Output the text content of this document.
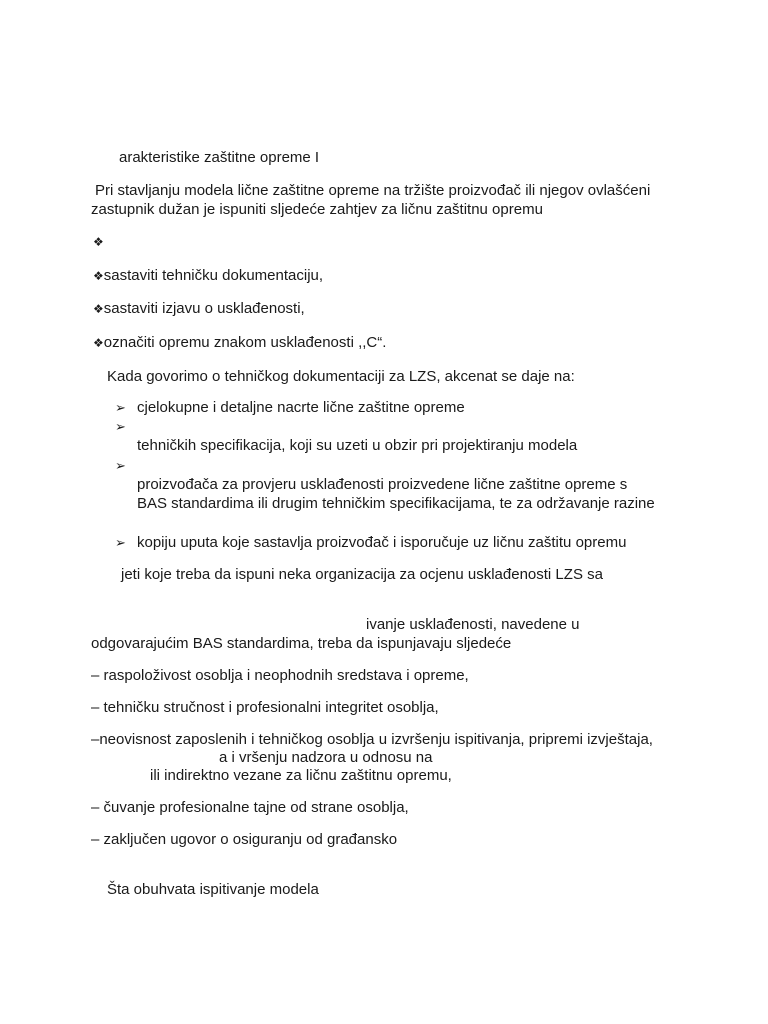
arakteristike zaštitne opreme I
Pri stavljanju modela lične zaštitne opreme na tržište proizvođač ili njegov ovlašćeni
zastupnik dužan je ispuniti sljedeće zahtjev za ličnu zaštitnu opremu
❖
❖sastaviti tehničku dokumentaciju,
❖sastaviti izjavu o usklađenosti,
❖označiti opremu znakom usklađenosti ,,C“.
Kada govorimo o tehničkog dokumentaciji za LZS, akcenat se daje na:
➢ cjelokupne i detaljne nacrte lične zaštitne opreme
➢
tehničkih specifikacija, koji su uzeti u obzir pri projektiranju modela
➢
proizvođača za provjeru usklađenosti proizvedene lične zaštitne opreme s
BAS standardima ili drugim tehničkim specifikacijama, te za održavanje razine
➢ kopiju uputa koje sastavlja proizvođač i isporučuje uz ličnu zaštitu opremu
jeti koje treba da ispuni neka organizacija za ocjenu usklađenosti LZS sa
ivanje usklađenosti, navedene u
odgovarajućim BAS standardima, treba da ispunjavaju sljedeće
– raspoloživost osoblja i neophodnih sredstava i opreme,
– tehničku stručnost i profesionalni integritet osoblja,
–neovisnost zaposlenih i tehničkog osoblja u izvršenju ispitivanja, pripremi izvještaja,
a i vršenju nadzora u odnosu na
ili indirektno vezane za ličnu zaštitnu opremu,
– čuvanje profesionalne tajne od strane osoblja,
– zaključen ugovor o osiguranju od građansko
Šta obuhvata ispitivanje modela
